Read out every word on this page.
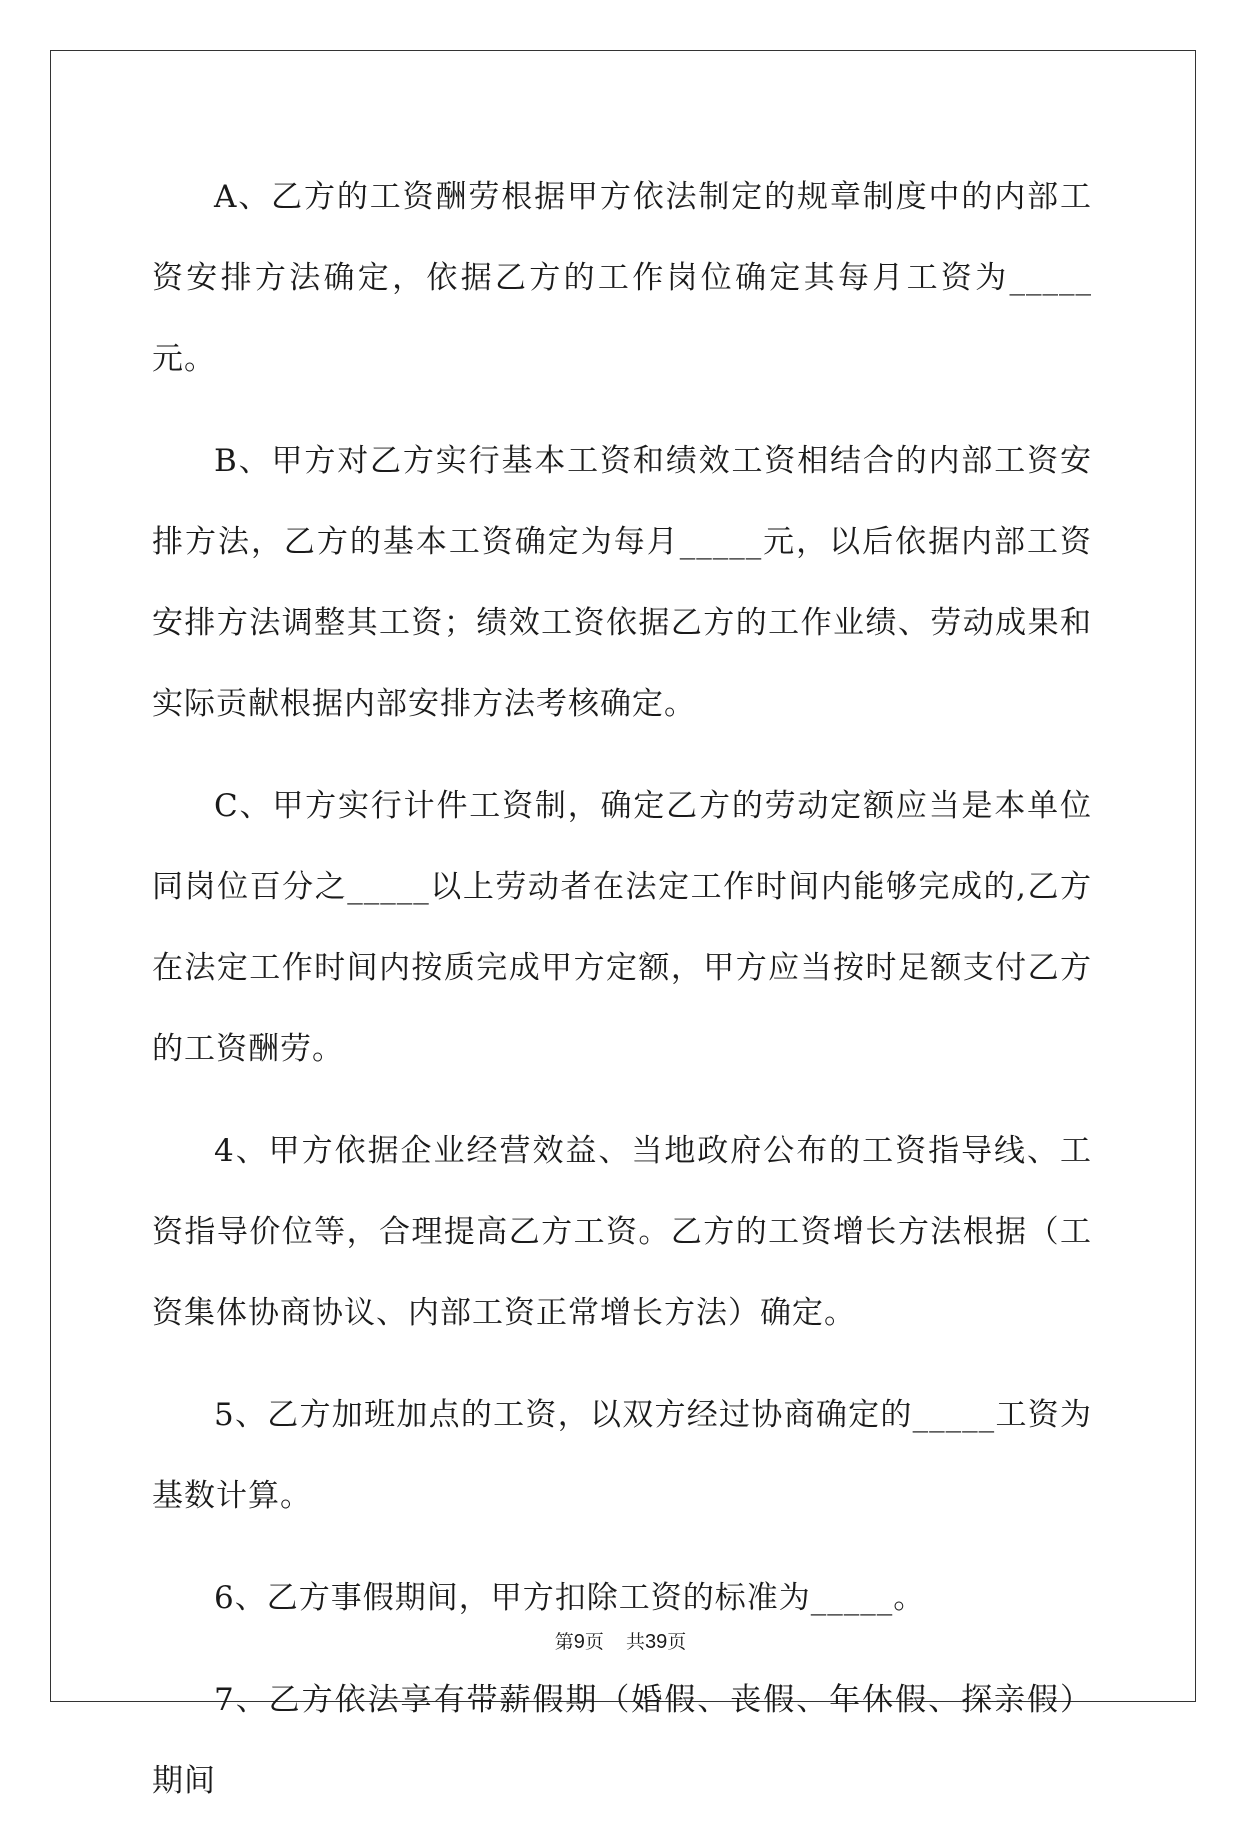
A、乙方的工资酬劳根据甲方依法制定的规章制度中的内部工资安排方法确定，依据乙方的工作岗位确定其每月工资为_____元。

B、甲方对乙方实行基本工资和绩效工资相结合的内部工资安排方法，乙方的基本工资确定为每月_____元，以后依据内部工资安排方法调整其工资；绩效工资依据乙方的工作业绩、劳动成果和实际贡献根据内部安排方法考核确定。

C、甲方实行计件工资制，确定乙方的劳动定额应当是本单位同岗位百分之_____以上劳动者在法定工作时间内能够完成的,乙方在法定工作时间内按质完成甲方定额，甲方应当按时足额支付乙方的工资酬劳。

4、甲方依据企业经营效益、当地政府公布的工资指导线、工资指导价位等，合理提高乙方工资。乙方的工资增长方法根据（工资集体协商协议、内部工资正常增长方法）确定。

5、乙方加班加点的工资，以双方经过协商确定的_____工资为基数计算。

6、乙方事假期间，甲方扣除工资的标准为_____。

7、乙方依法享有带薪假期（婚假、丧假、年休假、探亲假）期间

第9页 共39页
